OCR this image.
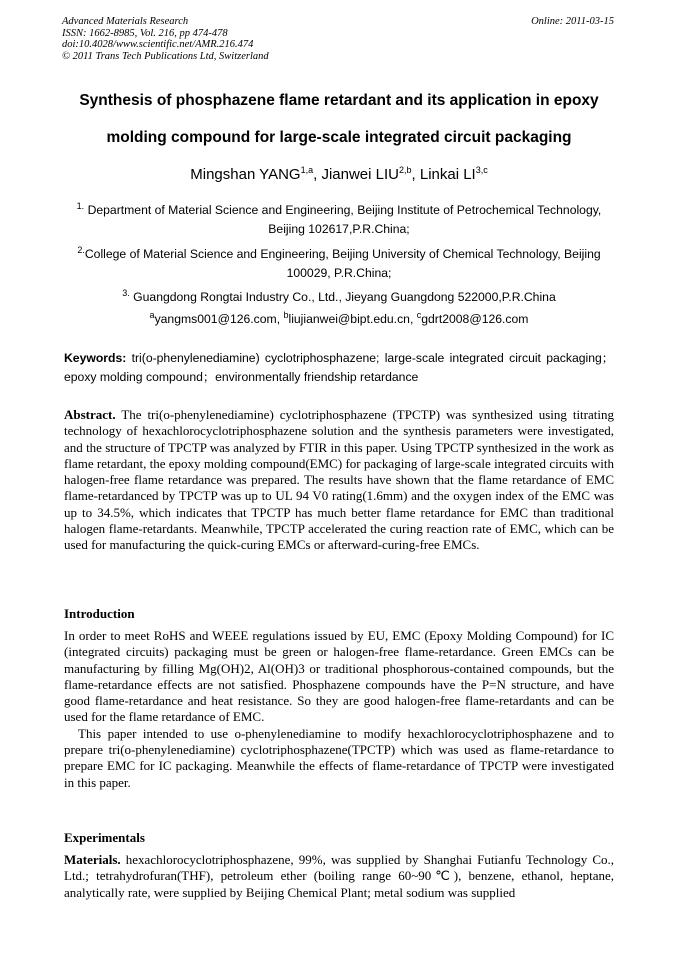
Advanced Materials Research
ISSN: 1662-8985, Vol. 216, pp 474-478
doi:10.4028/www.scientific.net/AMR.216.474
© 2011 Trans Tech Publications Ltd, Switzerland
Online: 2011-03-15
Synthesis of phosphazene flame retardant and its application in epoxy
molding compound for large-scale integrated circuit packaging
Mingshan YANG$^{1,a}$, Jianwei LIU$^{2,b}$, Linkai LI$^{3,c}$
$^{1.}$ Department of Material Science and Engineering, Beijing Institute of Petrochemical Technology, Beijing 102617,P.R.China;
$^{2.}$College of Material Science and Engineering, Beijing University of Chemical Technology, Beijing 100029, P.R.China;
$^{3.}$ Guangdong Rongtai Industry Co., Ltd., Jieyang Guangdong 522000,P.R.China
$^a$yangms001@126.com, $^b$liujianwei@bipt.edu.cn, $^c$gdrt2008@126.com
Keywords: tri(o-phenylenediamine) cyclotriphosphazene; large-scale integrated circuit packaging；epoxy molding compound；environmentally friendship retardance
Abstract. The tri(o-phenylenediamine) cyclotriphosphazene (TPCTP) was synthesized using titrating technology of hexachlorocyclotriphosphazene solution and the synthesis parameters were investigated, and the structure of TPCTP was analyzed by FTIR in this paper. Using TPCTP synthesized in the work as flame retardant, the epoxy molding compound(EMC) for packaging of large-scale integrated circuits with halogen-free flame retardance was prepared. The results have shown that the flame retardance of EMC flame-retardanced by TPCTP was up to UL 94 V0 rating(1.6mm) and the oxygen index of the EMC was up to 34.5%, which indicates that TPCTP has much better flame retardance for EMC than traditional halogen flame-retardants. Meanwhile, TPCTP accelerated the curing reaction rate of EMC, which can be used for manufacturing the quick-curing EMCs or afterward-curing-free EMCs.
Introduction

In order to meet RoHS and WEEE regulations issued by EU, EMC (Epoxy Molding Compound) for IC (integrated circuits) packaging must be green or halogen-free flame-retardance. Green EMCs can be manufacturing by filling Mg(OH)2, Al(OH)3 or traditional phosphorous-contained compounds, but the flame-retardance effects are not satisfied. Phosphazene compounds have the P=N structure, and have good flame-retardance and heat resistance. So they are good halogen-free flame-retardants and can be used for the flame retardance of EMC.

This paper intended to use o-phenylenediamine to modify hexachlorocyclotriphosphazene and to prepare tri(o-phenylenediamine) cyclotriphosphazene(TPCTP) which was used as flame-retardance to prepare EMC for IC packaging. Meanwhile the effects of flame-retardance of TPCTP were investigated in this paper.

Experimentals
Materials. hexachlorocyclotriphosphazene, 99%, was supplied by Shanghai Futianfu Technology Co., Ltd.; tetrahydrofuran(THF), petroleum ether (boiling range 60~90℃), benzene, ethanol, heptane, analytically rate, were supplied by Beijing Chemical Plant; metal sodium was supplied
